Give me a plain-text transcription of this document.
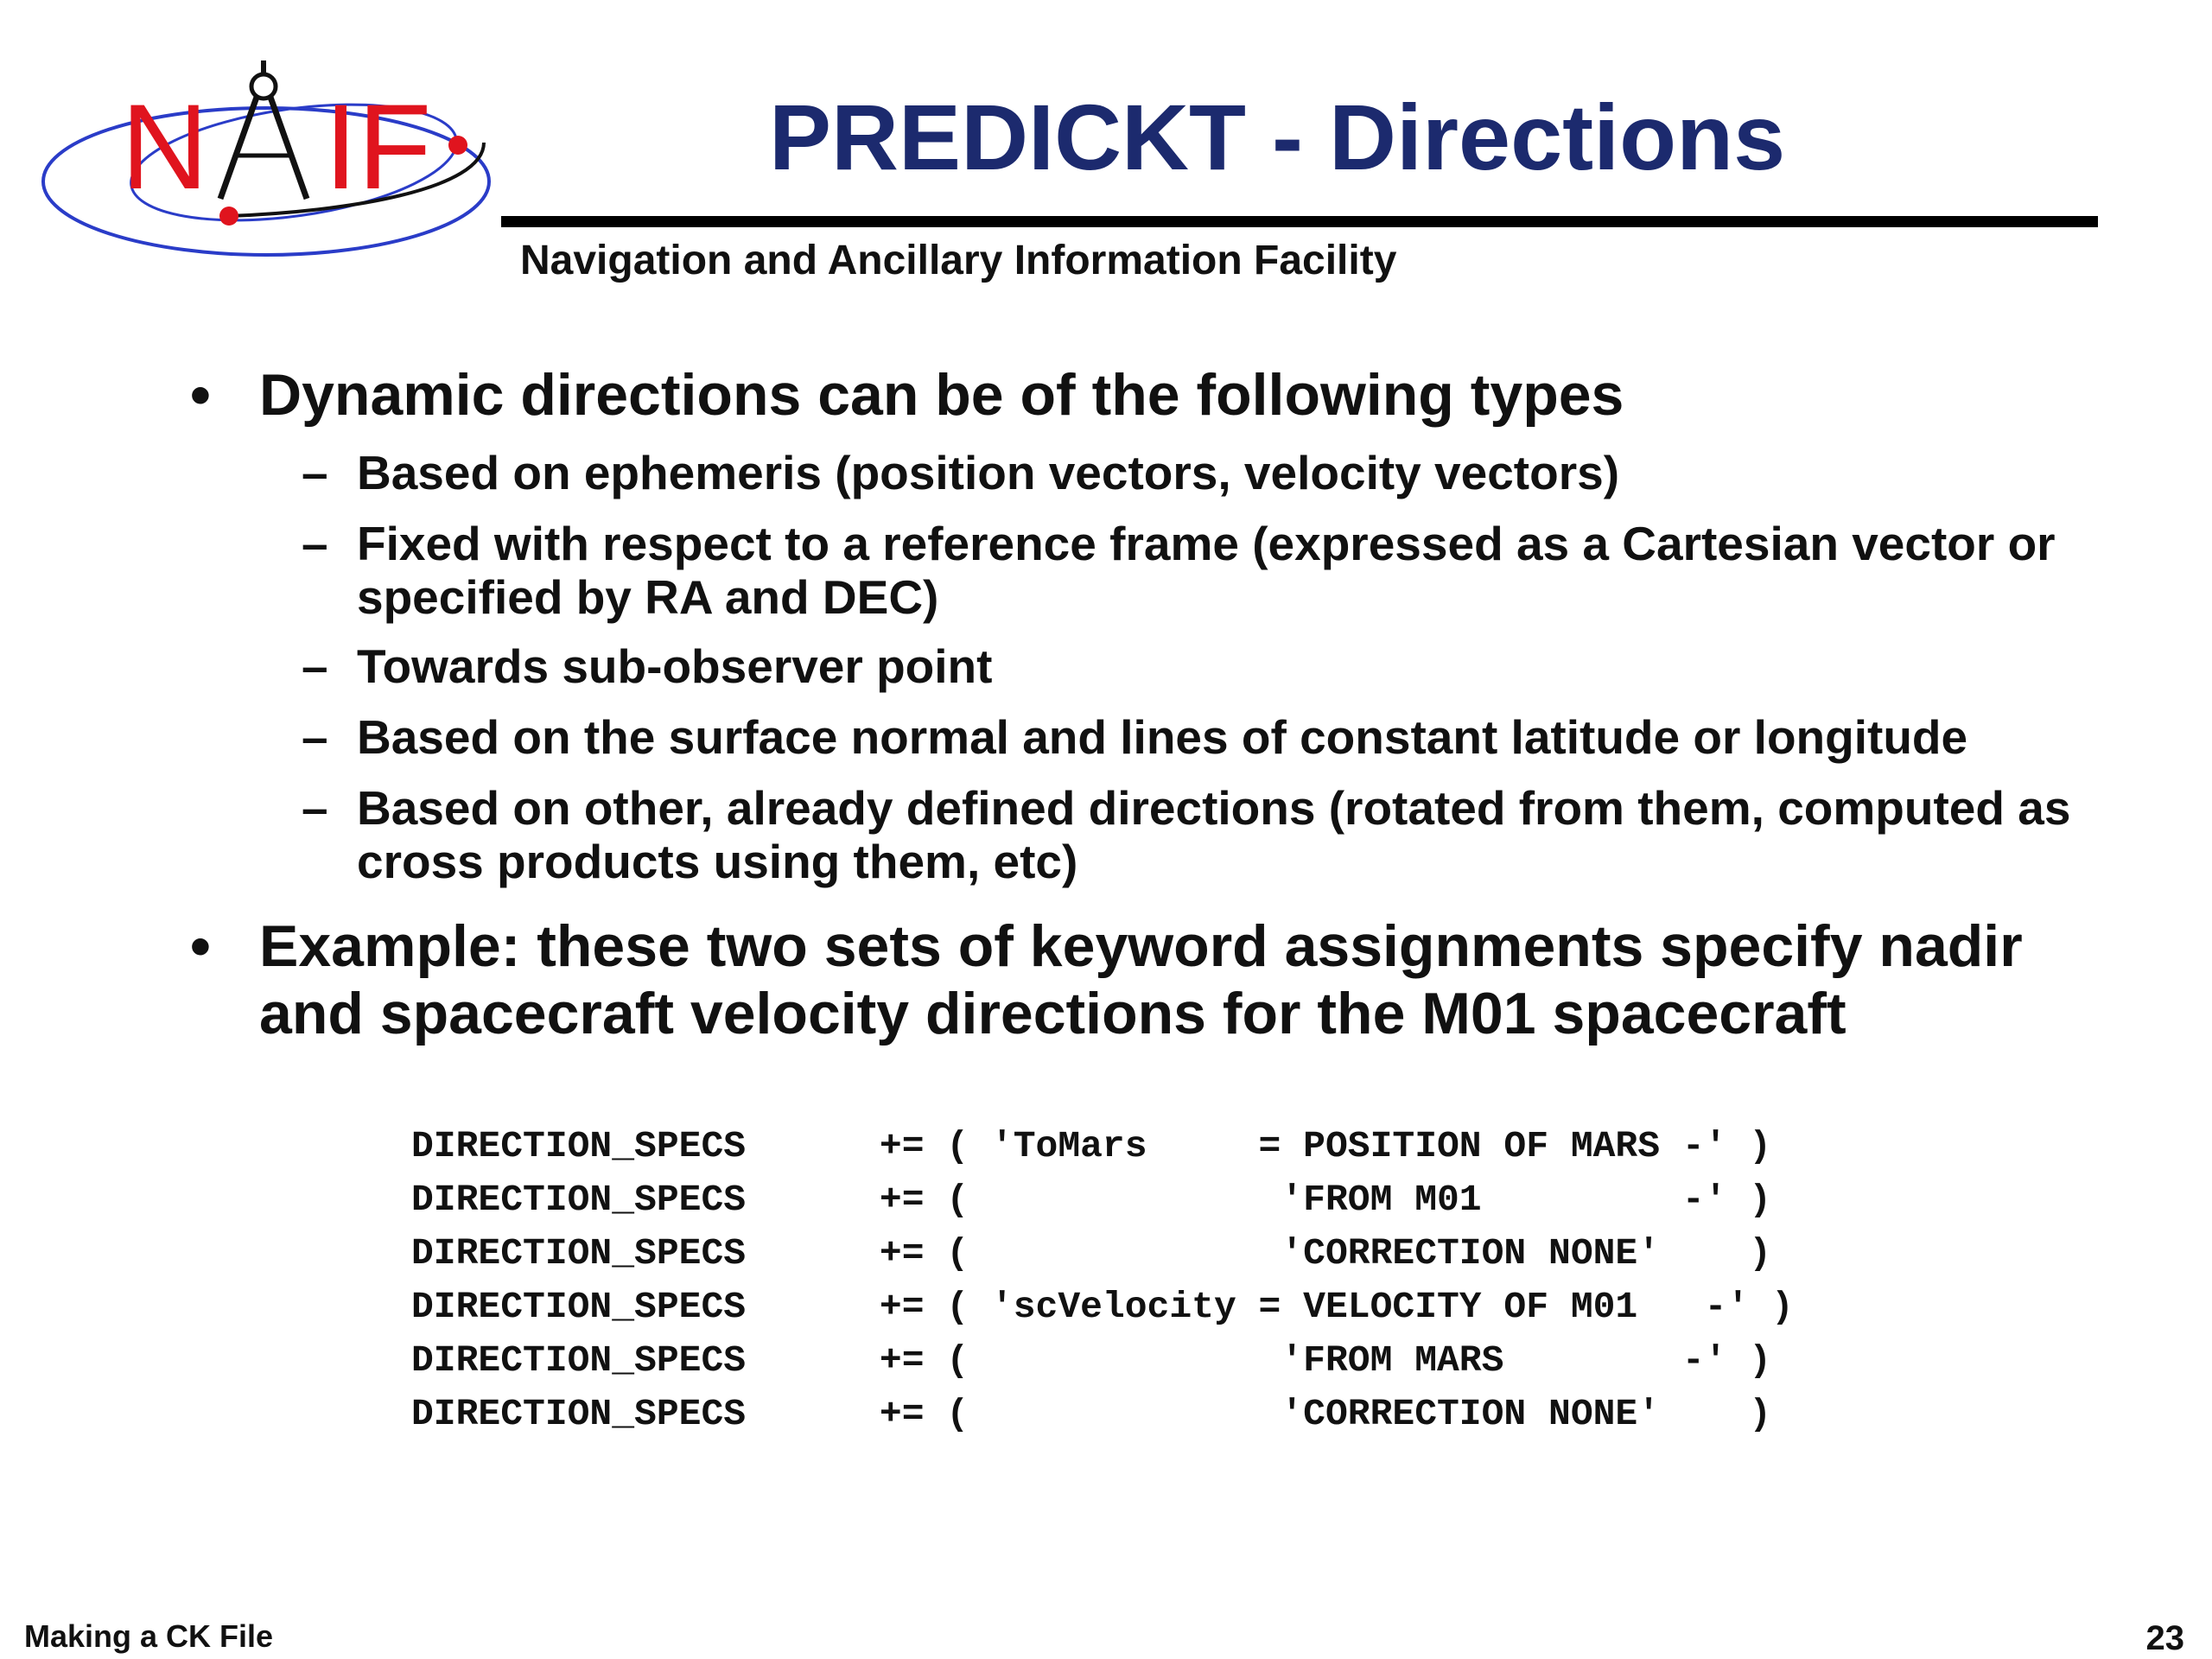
N IF	PREDICKT - Directions
Navigation and Ancillary Information Facility
• Dynamic directions can be of the following types
– Based on ephemeris (position vectors, velocity vectors)
– Fixed with respect to a reference frame (expressed as a Cartesian vector or specified by RA and DEC)
– Towards sub-observer point
– Based on the surface normal and lines of constant latitude or longitude
– Based on other, already defined directions (rotated from them, computed as cross products using them, etc)
• Example: these two sets of keyword assignments specify nadir and spacecraft velocity directions for the M01 spacecraft
DIRECTION_SPECS      += ( 'ToMars     = POSITION OF MARS -' )
DIRECTION_SPECS      += (              'FROM M01         -' )
DIRECTION_SPECS      += (              'CORRECTION NONE'    )
DIRECTION_SPECS      += ( 'scVelocity = VELOCITY OF M01   -' )
DIRECTION_SPECS      += (              'FROM MARS        -' )
DIRECTION_SPECS      += (              'CORRECTION NONE'    )
Making a CK File	23
